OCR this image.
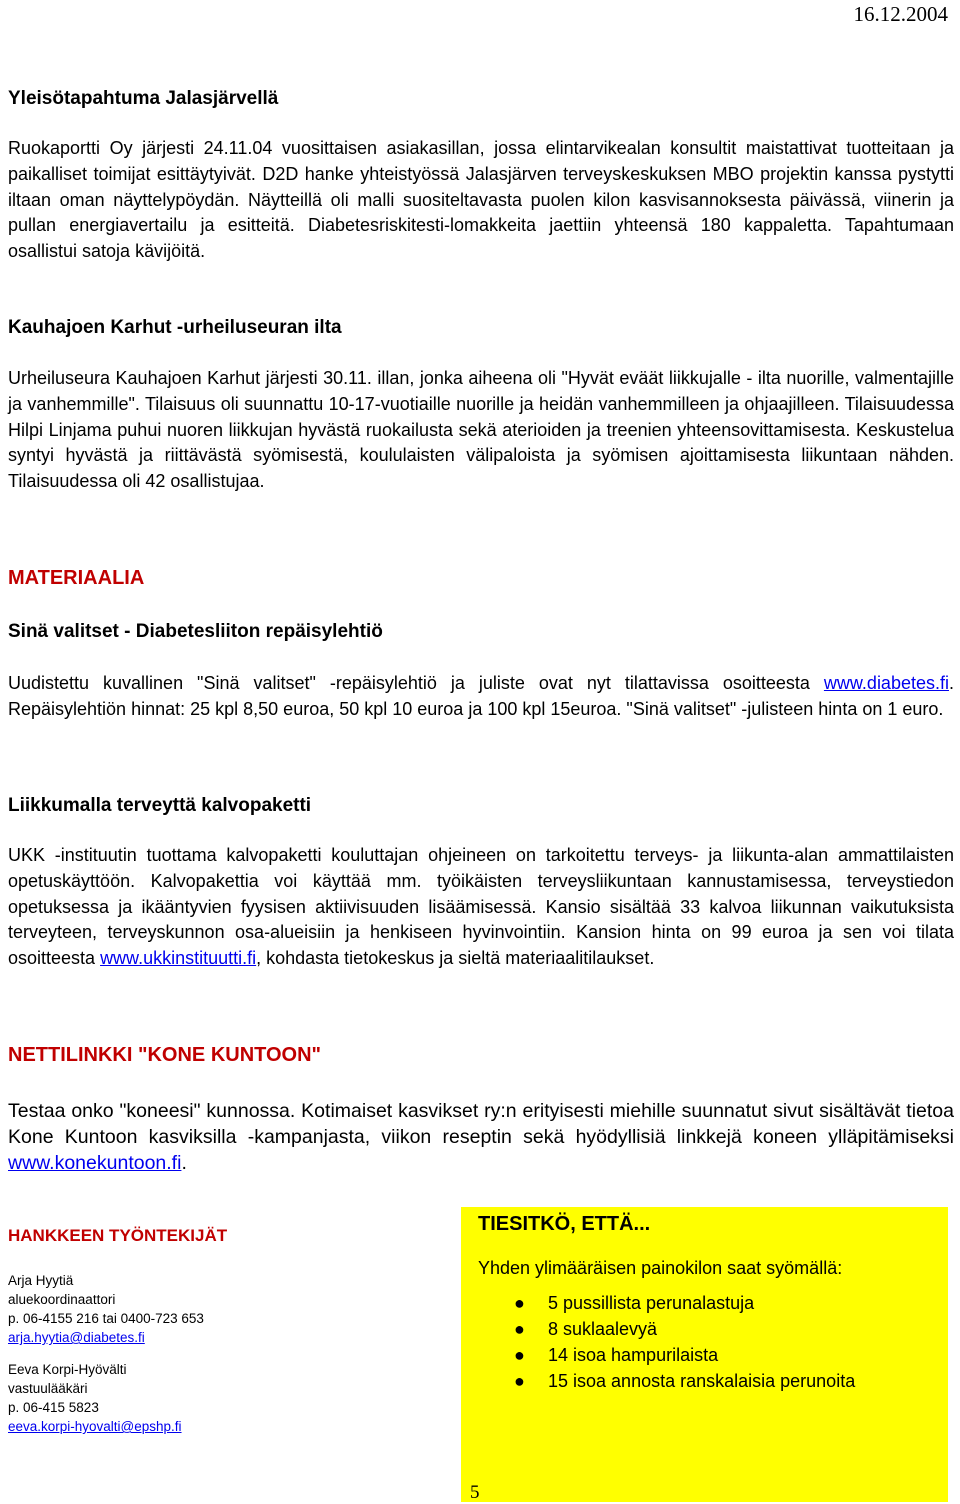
16.12.2004
Yleisötapahtuma Jalasjärvellä
Ruokaportti Oy järjesti 24.11.04 vuosittaisen asiakasillan, jossa elintarvikealan konsultit maistattivat tuotteitaan ja paikalliset toimijat esittäytyivät. D2D hanke yhteistyössä Jalasjärven terveyskeskuksen MBO projektin kanssa pystytti iltaan oman näyttelypöydän. Näytteillä oli malli suositeltavasta puolen kilon kasvisannoksesta päivässä, viinerin ja pullan energiavertailu ja esitteitä. Diabetesriskitesti-lomakkeita jaettiin yhteensä 180 kappaletta. Tapahtumaan osallistui satoja kävijöitä.
Kauhajoen Karhut -urheiluseuran ilta
Urheiluseura Kauhajoen Karhut järjesti 30.11. illan, jonka aiheena oli "Hyvät eväät liikkujalle - ilta nuorille, valmentajille ja vanhemmille". Tilaisuus oli suunnattu 10-17-vuotiaille nuorille ja heidän vanhemmilleen ja ohjaajilleen. Tilaisuudessa Hilpi Linjama puhui nuoren liikkujan hyvästä ruokailusta sekä aterioiden ja treenien yhteensovittamisesta. Keskustelua syntyi hyvästä ja riittävästä syömisestä, koululaisten välipaloista ja syömisen ajoittamisesta liikuntaan nähden. Tilaisuudessa oli 42 osallistujaa.
MATERIAALIA
Sinä valitset - Diabetesliiton repäisylehtiö
Uudistettu kuvallinen "Sinä valitset" -repäisylehtiö ja juliste ovat nyt tilattavissa osoitteesta www.diabetes.fi. Repäisylehtiön hinnat: 25 kpl 8,50 euroa, 50 kpl 10 euroa ja 100 kpl 15euroa. "Sinä valitset" -julisteen hinta on 1 euro.
Liikkumalla terveyttä kalvopaketti
UKK -instituutin tuottama kalvopaketti kouluttajan ohjeineen on tarkoitettu terveys- ja liikunta-alan ammattilaisten opetuskäyttöön. Kalvopakettia voi käyttää mm. työikäisten terveysliikuntaan kannustamisessa, terveystiedon opetuksessa ja ikääntyvien fyysisen aktiivisuuden lisäämisessä. Kansio sisältää 33 kalvoa liikunnan vaikutuksista terveyteen, terveyskunnon osa-alueisiin ja henkiseen hyvinvointiin. Kansion hinta on 99 euroa ja sen voi tilata osoitteesta www.ukkinstituutti.fi, kohdasta tietokeskus ja sieltä materiaalitilaukset.
NETTILINKKI "KONE KUNTOON"
Testaa onko "koneesi" kunnossa. Kotimaiset kasvikset ry:n erityisesti miehille suunnatut sivut sisältävät tietoa Kone Kuntoon kasviksilla -kampanjasta, viikon reseptin sekä hyödyllisiä linkkejä koneen ylläpitämiseksi www.konekuntoon.fi.
HANKKEEN TYÖNTEKIJÄT
Arja Hyytiä
aluekoordinaattori
p. 06-4155 216 tai 0400-723 653
arja.hyytia@diabetes.fi
Eeva Korpi-Hyövälti
vastuulääkäri
p. 06-415 5823
eeva.korpi-hyovalti@epshp.fi
TIESITKÖ, ETTÄ...
Yhden ylimääräisen painokilon saat syömällä:
● 5 pussillista perunalastuja
● 8 suklaalevyä
● 14 isoa hampurilaista
● 15 isoa annosta ranskalaisia perunoita
5
